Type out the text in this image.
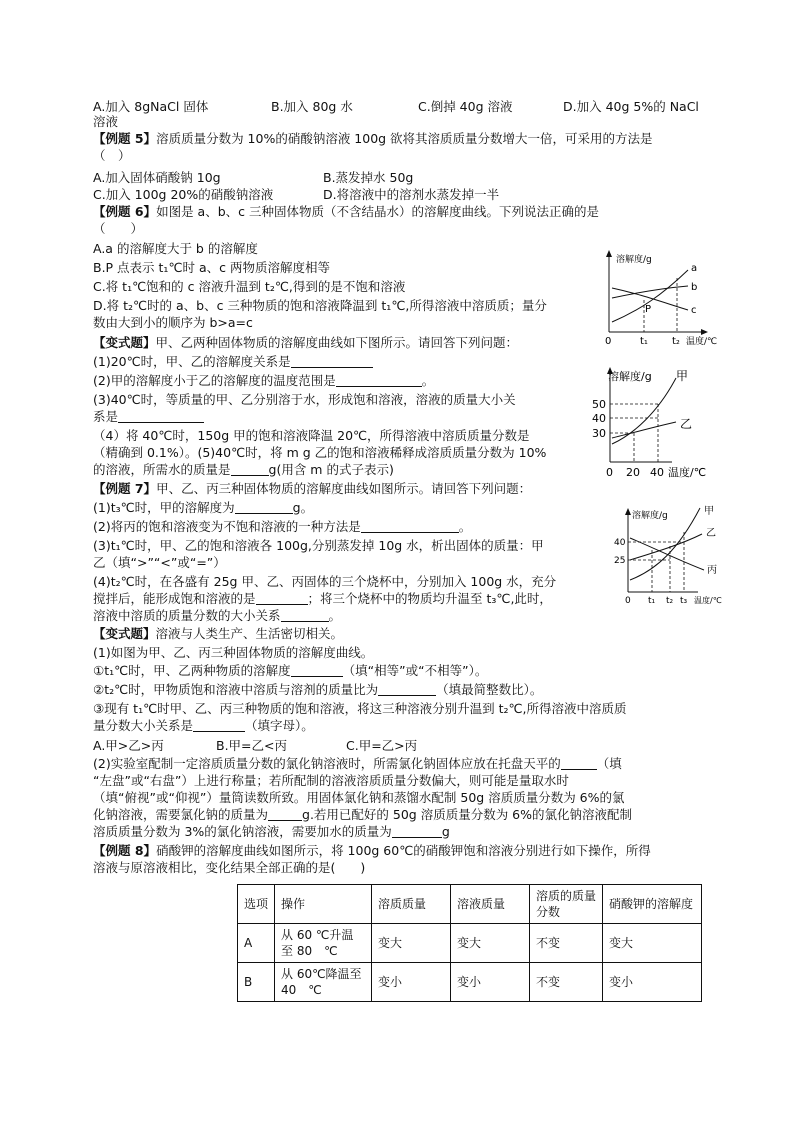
A.加入 8gNaCl 固体	B.加入 80g 水	C.倒掉 40g 溶液	D.加入 40g 5%的 NaCl
溶液
【例题 5】溶质质量分数为 10%的硝酸钠溶液 100g 欲将其溶质质量分数增大一倍，可采用的方法是
（　）
A.加入固体硝酸钠 10g	B.蒸发掉水 50g
C.加入 100g 20%的硝酸钠溶液	D.将溶液中的溶剂水蒸发掉一半
【例题 6】如图是 a、b、c 三种固体物质（不含结晶水）的溶解度曲线。下列说法正确的是
（　　）
A.a 的溶解度大于 b 的溶解度
B.P 点表示 t₁℃时 a、c 两物质溶解度相等
C.将 t₁℃饱和的 c 溶液升温到 t₂℃,得到的是不饱和溶液
D.将 t₂℃时的 a、b、c 三种物质的饱和溶液降温到 t₁℃,所得溶液中溶质质；量分
数由大到小的顺序为 b>a=c
溶解度/g
a
b
c
P
0	t₁ t₂ 温度/℃
【变式题】甲、乙两种固体物质的溶解度曲线如下图所示。请回答下列问题：
(1)20℃时，甲、乙的溶解度关系是
(2)甲的溶解度小于乙的溶解度的温度范围是	。
(3)40℃时，等质量的甲、乙分别溶于水，形成饱和溶液，溶液的质量大小关
系是
（4）将 40℃时，150g 甲的饱和溶液降温 20℃，所得溶液中溶质质量分数是
（精确到 0.1%）。(5)40℃时，将 m g 乙的饱和溶液稀释成溶质质量分数为 10%
的溶液，所需水的质量是	g(用含 m 的式子表示)
溶解度/g 甲
乙
50
40
30
0 20 40 温度/℃
【例题 7】甲、乙、丙三种固体物质的溶解度曲线如图所示。请回答下列问题：
(1)t₃℃时，甲的溶解度为	g。
(2)将丙的饱和溶液变为不饱和溶液的一种方法是	。
(3)t₁℃时，甲、乙的饱和溶液各 100g,分别蒸发掉 10g 水，析出固体的质量：甲
乙（填“>”“<”或“=”）
(4)t₂℃时，在各盛有 25g 甲、乙、丙固体的三个烧杯中，分别加入 100g 水，充分
搅拌后，能形成饱和溶液的是	；将三个烧杯中的物质均升温至 t₃℃,此时，
溶液中溶质的质量分数的大小关系	。
溶解度/g	甲
乙
丙
40
25
0 t₁ t₂ t₃ 温度/℃
【变式题】溶液与人类生产、生活密切相关。
(1)如图为甲、乙、丙三种固体物质的溶解度曲线。
①t₁℃时，甲、乙两种物质的溶解度	（填“相等”或“不相等”）。
②t₂℃时，甲物质饱和溶液中溶质与溶剂的质量比为	（填最简整数比）。
③现有 t₁℃时甲、乙、丙三种物质的饱和溶液，将这三种溶液分别升温到 t₂℃,所得溶液中溶质质
量分数大小关系是	（填字母）。
A.甲>乙>丙	B.甲=乙<丙	C.甲=乙>丙
(2)实验室配制一定溶质质量分数的氯化钠溶液时，所需氯化钠固体应放在托盘天平的	（填
“左盘”或“右盘”）上进行称量；若所配制的溶液溶质质量分数偏大，则可能是量取水时
（填“俯视”或“仰视”）量筒读数所致。用固体氯化钠和蒸馏水配制 50g 溶质质量分数为 6%的氯
化钠溶液，需要氯化钠的质量为	g.若用已配好的 50g 溶质质量分数为 6%的氯化钠溶液配制
溶质质量分数为 3%的氯化钠溶液，需要加水的质量为	g
【例题 8】硝酸钾的溶解度曲线如图所示，将 100g 60℃的硝酸钾饱和溶液分别进行如下操作，所得
溶液与原溶液相比，变化结果全部正确的是(　　)
选项	操作	溶质质量	溶液质量	溶质的质量分数	硝酸钾的溶解度
A	从 60 ℃升温至 80　℃	变大	变大	不变	变大
B	从 60℃降温至 40　℃	变小	变小	不变	变小
